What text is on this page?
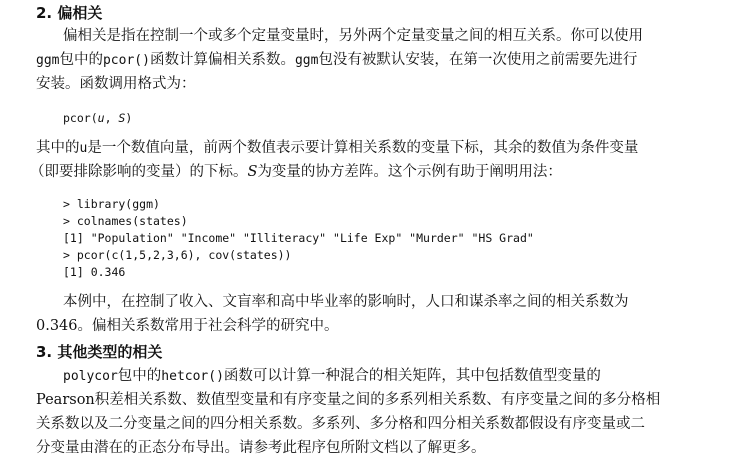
2. 偏相关
偏相关是指在控制一个或多个定量变量时，另外两个定量变量之间的相互关系。你可以使用
ggm包中的pcor()函数计算偏相关系数。ggm包没有被默认安装，在第一次使用之前需要先进行
安装。函数调用格式为：
pcor(u, S)
其中的u是一个数值向量，前两个数值表示要计算相关系数的变量下标，其余的数值为条件变量
（即要排除影响的变量）的下标。S为变量的协方差阵。这个示例有助于阐明用法：
> library(ggm)
> colnames(states)
[1] "Population" "Income" "Illiteracy" "Life Exp" "Murder" "HS Grad"
> pcor(c(1,5,2,3,6), cov(states))
[1] 0.346
本例中，在控制了收入、文盲率和高中毕业率的影响时，人口和谋杀率之间的相关系数为
0.346。偏相关系数常用于社会科学的研究中。
3. 其他类型的相关
polycor包中的hetcor()函数可以计算一种混合的相关矩阵，其中包括数值型变量的
Pearson积差相关系数、数值型变量和有序变量之间的多系列相关系数、有序变量之间的多分格相
关系数以及二分变量之间的四分相关系数。多系列、多分格和四分相关系数都假设有序变量或二
分变量由潜在的正态分布导出。请参考此程序包所附文档以了解更多。
